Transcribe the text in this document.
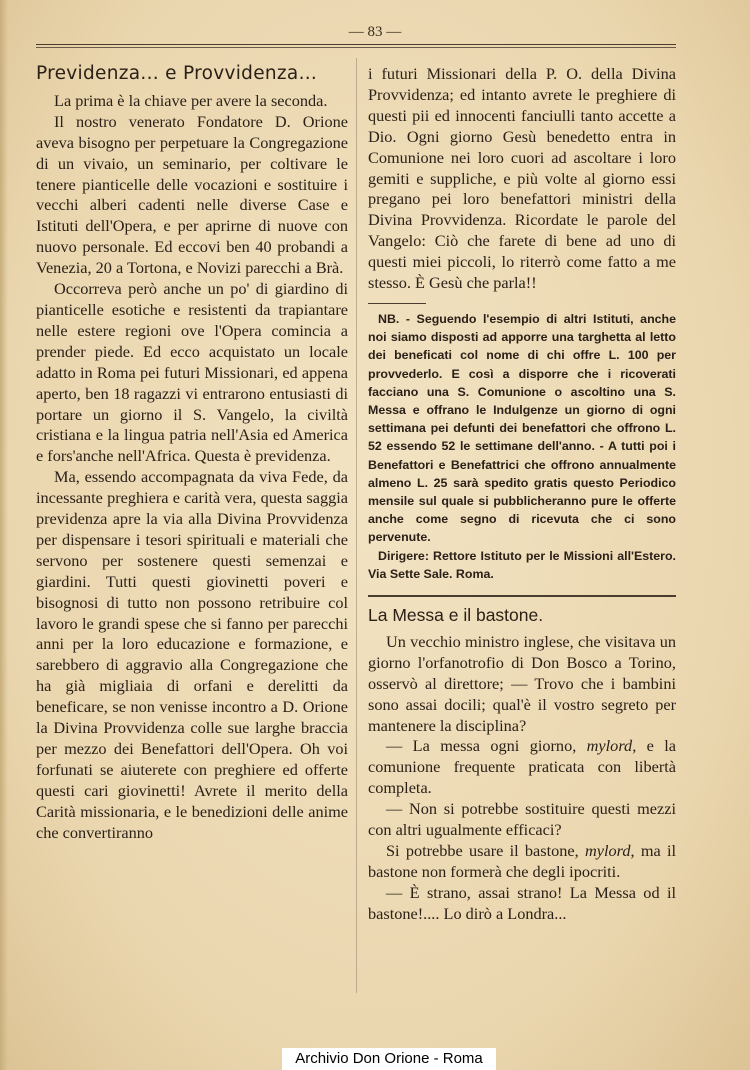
— 83 —
Previdenza... e Provvidenza...

La prima è la chiave per avere la seconda.

Il nostro venerato Fondatore D. Orione aveva bisogno per perpetuare la Congregazione di un vivaio, un seminario, per coltivare le tenere pianticelle delle vocazioni e sostituire i vecchi alberi cadenti nelle diverse Case e Istituti dell'Opera, e per aprirne di nuove con nuovo personale. Ed eccovi ben 40 probandi a Venezia, 20 a Tortona, e Novizi parecchi a Brà.

Occorreva però anche un po' di giardino di pianticelle esotiche e resistenti da trapiantare nelle estere regioni ove l'Opera comincia a prender piede. Ed ecco acquistato un locale adatto in Roma pei futuri Missionari, ed appena aperto, ben 18 ragazzi vi entrarono entusiasti di portare un giorno il S. Vangelo, la civiltà cristiana e la lingua patria nell'Asia ed America e fors'anche nell'Africa. Questa è previdenza.

Ma, essendo accompagnata da viva Fede, da incessante preghiera e carità vera, questa saggia previdenza apre la via alla Divina Provvidenza per dispensare i tesori spirituali e materiali che servono per sostenere questi semenzai e giardini. Tutti questi giovinetti poveri e bisognosi di tutto non possono retribuire col lavoro le grandi spese che si fanno per parecchi anni per la loro educazione e formazione, e sarebbero di aggravio alla Congregazione che ha già migliaia di orfani e derelitti da beneficare, se non venisse incontro a D. Orione la Divina Provvidenza colle sue larghe braccia per mezzo dei Benefattori dell'Opera. Oh voi forfunati se aiuterete con preghiere ed offerte questi cari giovinetti! Avrete il merito della Carità missionaria, e le benedizioni delle anime che convertiranno

i futuri Missionari della P. O. della Divina Provvidenza; ed intanto avrete le preghiere di questi pii ed innocenti fanciulli tanto accette a Dio. Ogni giorno Gesù benedetto entra in Comunione nei loro cuori ad ascoltare i loro gemiti e suppliche, e più volte al giorno essi pregano pei loro benefattori ministri della Divina Provvidenza. Ricordate le parole del Vangelo: Ciò che farete di bene ad uno di questi miei piccoli, lo riterrò come fatto a me stesso. È Gesù che parla!!

NB. - Seguendo l'esempio di altri Istituti, anche noi siamo disposti ad apporre una targhetta al letto dei beneficati col nome di chi offre L. 100 per provvederlo. E così a disporre che i ricoverati facciano una S. Comunione o ascoltino una S. Messa e offrano le Indulgenze un giorno di ogni settimana pei defunti dei benefattori che offrono L. 52 essendo 52 le settimane dell'anno. - A tutti poi i Benefattori e Benefattrici che offrono annualmente almeno L. 25 sarà spedito gratis questo Periodico mensile sul quale si pubblicheranno pure le offerte anche come segno di ricevuta che ci sono pervenute.

Dirigere: Rettore Istituto per le Missioni all'Estero. Via Sette Sale. Roma.

La Messa e il bastone.

Un vecchio ministro inglese, che visitava un giorno l'orfanotrofio di Don Bosco a Torino, osservò al direttore; — Trovo che i bambini sono assai docili; qual'è il vostro segreto per mantenere la disciplina?

— La messa ogni giorno, mylord, e la comunione frequente praticata con libertà completa.

— Non si potrebbe sostituire questi mezzi con altri ugualmente efficaci?

Si potrebbe usare il bastone, mylord, ma il bastone non formerà che degli ipocriti.

— È strano, assai strano! La Messa od il bastone!.... Lo dirò a Londra...

Archivio Don Orione - Roma
